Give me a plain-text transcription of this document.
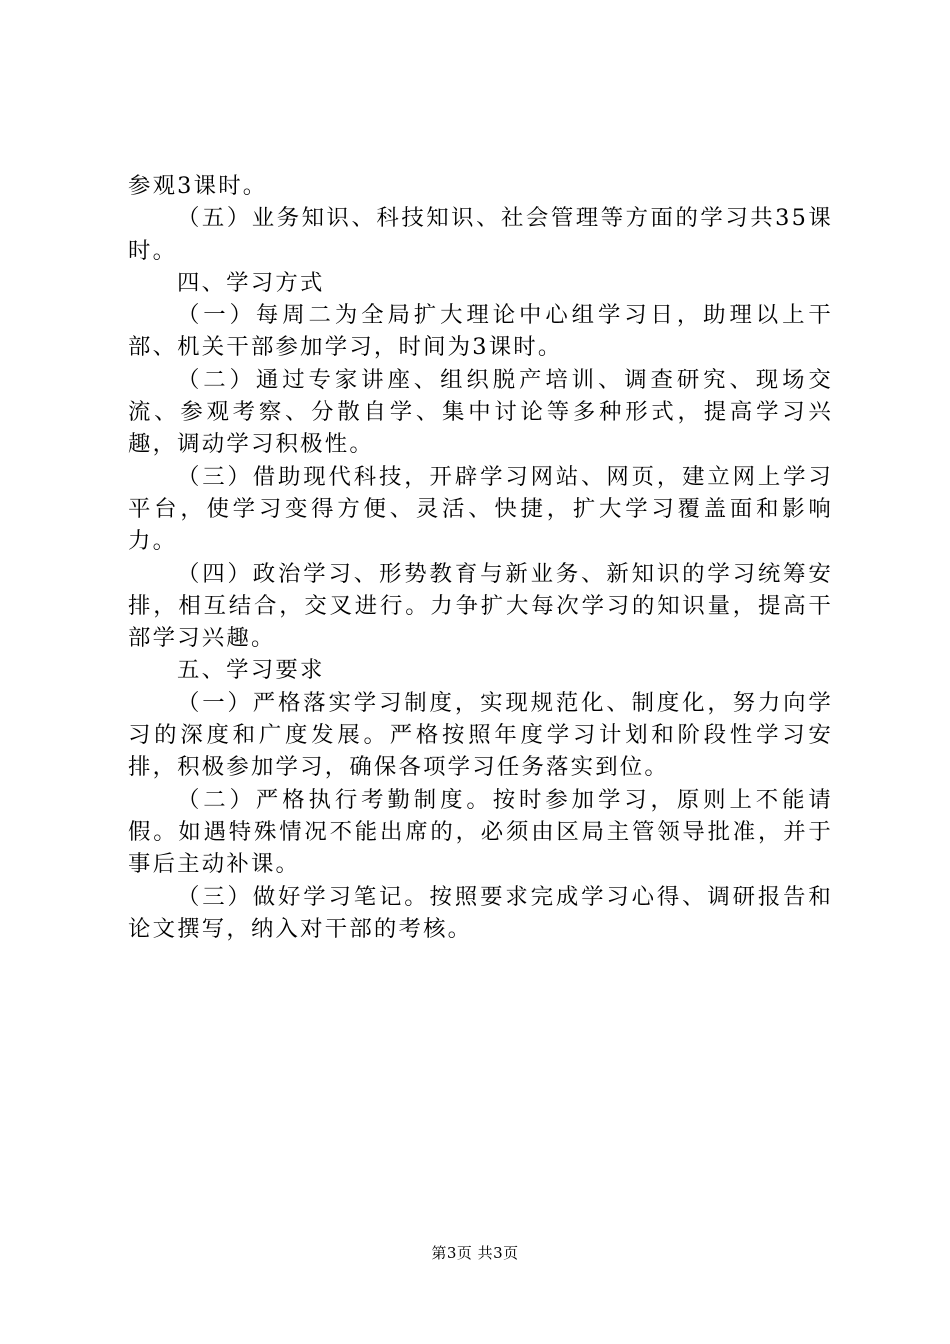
参观3课时。

（五）业务知识、科技知识、社会管理等方面的学习共35课时。

四、学习方式

（一）每周二为全局扩大理论中心组学习日，助理以上干部、机关干部参加学习，时间为3课时。

（二）通过专家讲座、组织脱产培训、调查研究、现场交流、参观考察、分散自学、集中讨论等多种形式，提高学习兴趣，调动学习积极性。

（三）借助现代科技，开辟学习网站、网页，建立网上学习平台，使学习变得方便、灵活、快捷，扩大学习覆盖面和影响力。

（四）政治学习、形势教育与新业务、新知识的学习统筹安排，相互结合，交叉进行。力争扩大每次学习的知识量，提高干部学习兴趣。

五、学习要求

（一）严格落实学习制度，实现规范化、制度化，努力向学习的深度和广度发展。严格按照年度学习计划和阶段性学习安排，积极参加学习，确保各项学习任务落实到位。

（二）严格执行考勤制度。按时参加学习，原则上不能请假。如遇特殊情况不能出席的，必须由区局主管领导批准，并于事后主动补课。

（三）做好学习笔记。按照要求完成学习心得、调研报告和论文撰写，纳入对干部的考核。

第3页 共3页
